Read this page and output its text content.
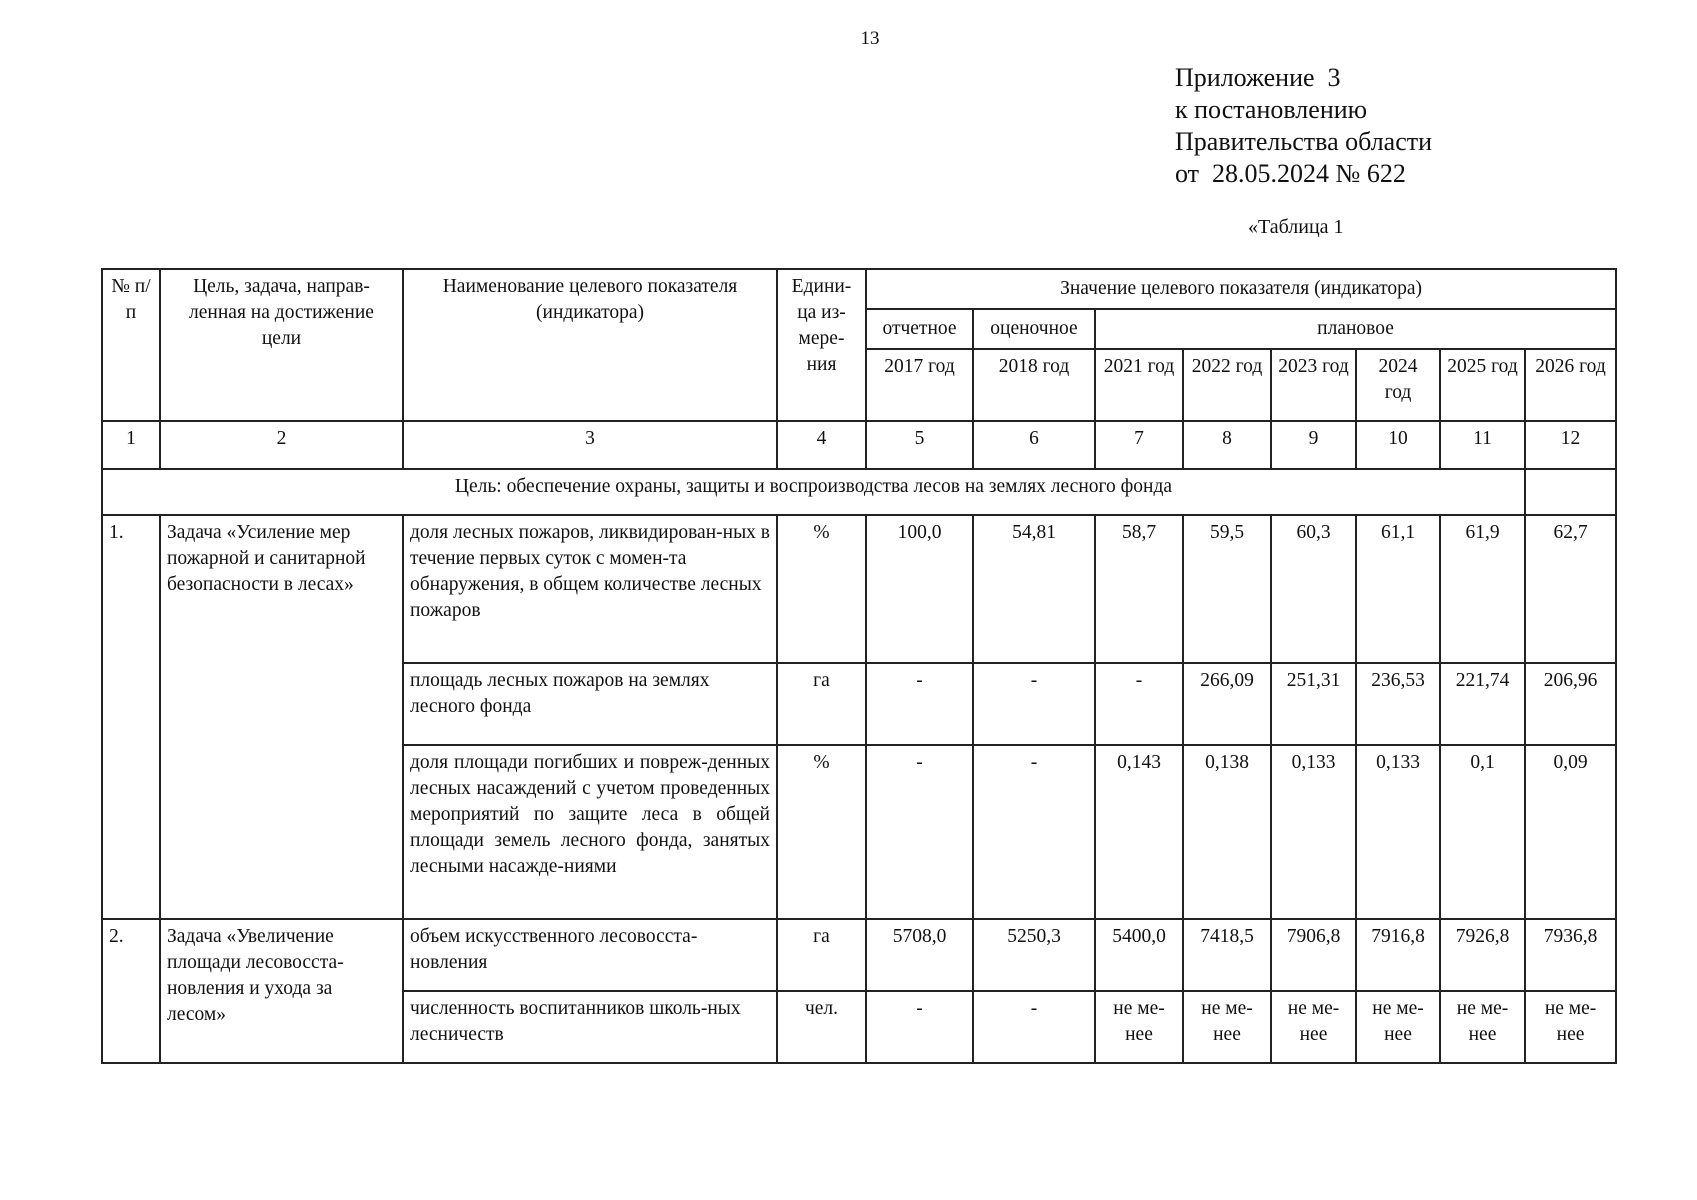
13
Приложение  3
к постановлению
Правительства области
от  28.05.2024 № 622
«Таблица 1
№ п/п	Цель, задача, направ-ленная на достижение цели	Наименование целевого показателя (индикатора)	Едини-ца из-мере-ния	Значение целевого показателя (индикатора)							
				отчетное	оценочное	плановое					
				2017 год	2018 год	2021 год	2022 год	2023 год	2024 год	2025 год	2026 год
1	2	3	4	5	6	7	8	9	10	11	12
Цель: обеспечение охраны, защиты и воспроизводства лесов на землях лесного фонда											
1.	Задача «Усиление мер пожарной и санитарной безопасности в лесах»	доля лесных пожаров, ликвидирован-ных в течение первых суток с момен-та обнаружения, в общем количестве лесных пожаров	%	100,0	54,81	58,7	59,5	60,3	61,1	61,9	62,7
		площадь лесных пожаров на землях лесного фонда	га	-	-	-	266,09	251,31	236,53	221,74	206,96
		доля площади погибших и повреж-денных лесных насаждений с учетом проведенных мероприятий по защите леса в общей площади земель лесного фонда, занятых лесными насажде-ниями	%	-	-	0,143	0,138	0,133	0,133	0,1	0,09
2.	Задача «Увеличение площади лесовосста-новления и ухода за лесом»	объем искусственного лесовосста-новления	га	5708,0	5250,3	5400,0	7418,5	7906,8	7916,8	7926,8	7936,8
		численность воспитанников школь-ных лесничеств	чел.	-	-	не ме-нее	не ме-нее	не ме-нее	не ме-нее	не ме-нее	не ме-нее
